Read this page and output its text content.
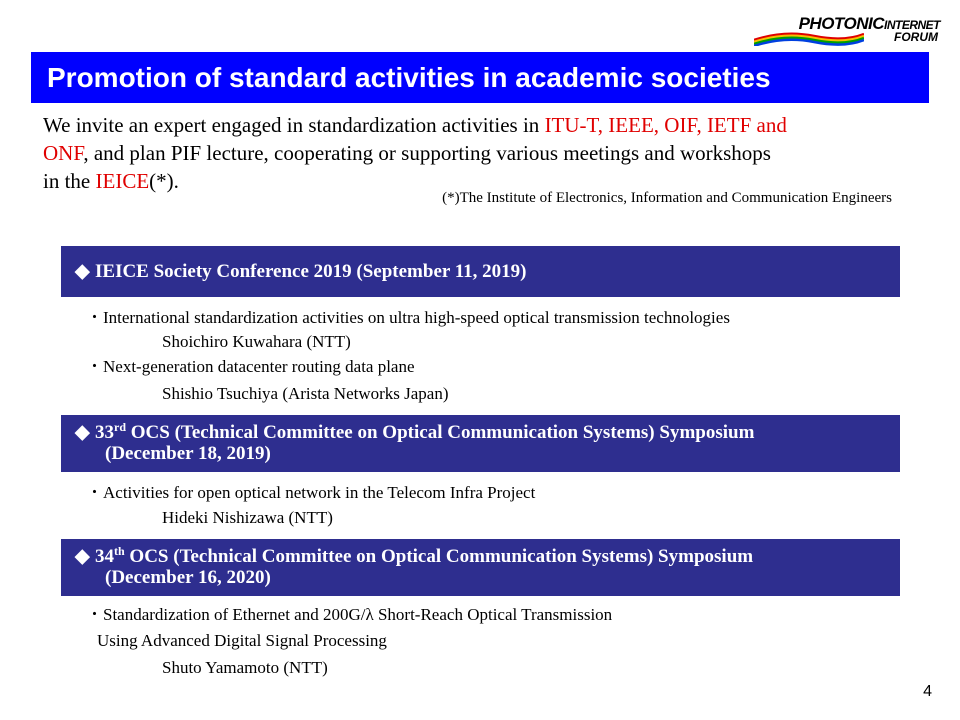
PHOTONICINTERNET
FORUM
Promotion of standard activities in academic societies
We invite an expert engaged in standardization activities in ITU-T, IEEE, OIF, IETF and
ONF, and plan PIF lecture, cooperating or supporting various meetings and workshops
in the IEICE(*).
(*)The Institute of Electronics, Information and Communication Engineers
◆ IEICE Society Conference 2019 (September 11, 2019)
・International standardization activities on ultra high-speed optical transmission technologies
Shoichiro Kuwahara (NTT)
・Next-generation datacenter routing data plane
Shishio Tsuchiya (Arista Networks Japan)
◆ 33rd OCS (Technical Committee on Optical Communication Systems) Symposium
(December 18, 2019)
・Activities for open optical network in the Telecom Infra Project
Hideki Nishizawa (NTT)
◆ 34th OCS (Technical Committee on Optical Communication Systems) Symposium
(December 16, 2020)
・Standardization of Ethernet and 200G/λ Short-Reach Optical Transmission
Using Advanced Digital Signal Processing
Shuto Yamamoto (NTT)
4
